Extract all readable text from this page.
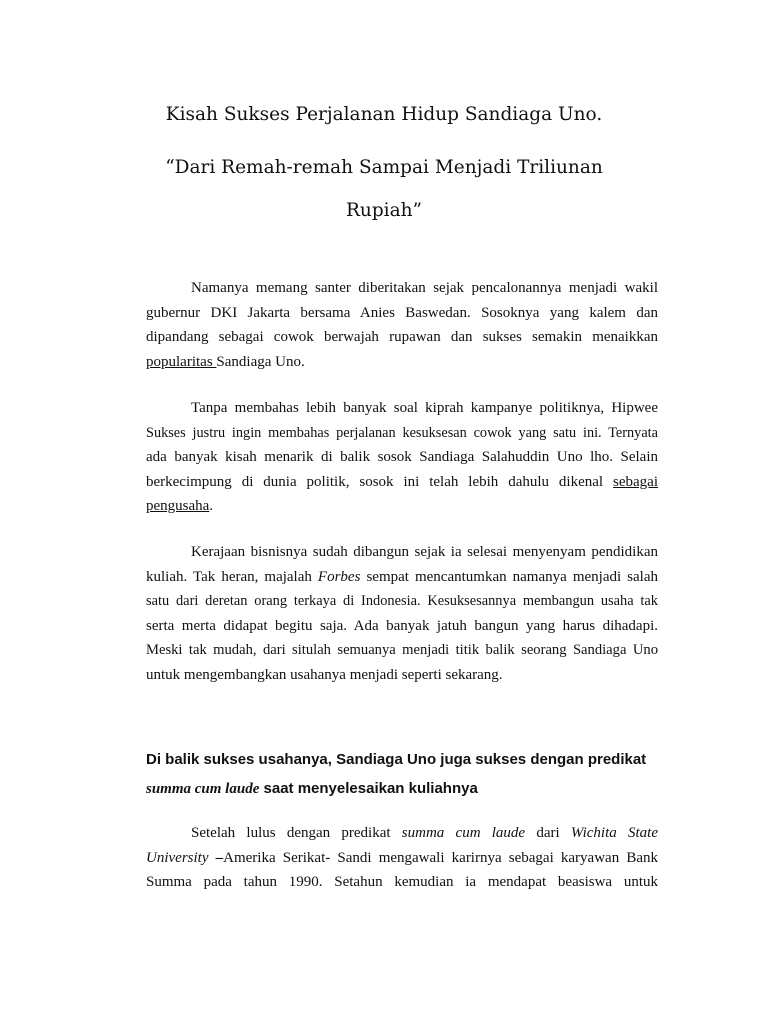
Kisah Sukses Perjalanan Hidup Sandiaga Uno.
“Dari Remah-remah Sampai Menjadi Triliunan
Rupiah”
Namanya memang santer diberitakan sejak pencalonannya menjadi wakil
gubernur DKI Jakarta bersama Anies Baswedan. Sosoknya yang kalem dan
dipandang sebagai cowok berwajah rupawan dan sukses semakin menaikkan
popularitas Sandiaga Uno.
Tanpa membahas lebih banyak soal kiprah kampanye politiknya, Hipwee
Sukses justru ingin membahas perjalanan kesuksesan cowok yang satu ini. Ternyata
ada banyak kisah menarik di balik sosok Sandiaga Salahuddin Uno lho. Selain
berkecimpung di dunia politik, sosok ini telah lebih dahulu dikenal sebagai
pengusaha.
Kerajaan bisnisnya sudah dibangun sejak ia selesai menyenyam pendidikan
kuliah. Tak heran, majalah Forbes sempat mencantumkan namanya menjadi salah
satu dari deretan orang terkaya di Indonesia. Kesuksesannya membangun usaha tak
serta merta didapat begitu saja. Ada banyak jatuh bangun yang harus dihadapi.
Meski tak mudah, dari situlah semuanya menjadi titik balik seorang Sandiaga Uno
untuk mengembangkan usahanya menjadi seperti sekarang.
Di balik sukses usahanya, Sandiaga Uno juga sukses dengan predikat
summa cum laude saat menyelesaikan kuliahnya
Setelah lulus dengan predikat summa cum laude dari Wichita State
University –Amerika Serikat- Sandi mengawali karirnya sebagai karyawan Bank
Summa pada tahun 1990. Setahun kemudian ia mendapat beasiswa untuk
